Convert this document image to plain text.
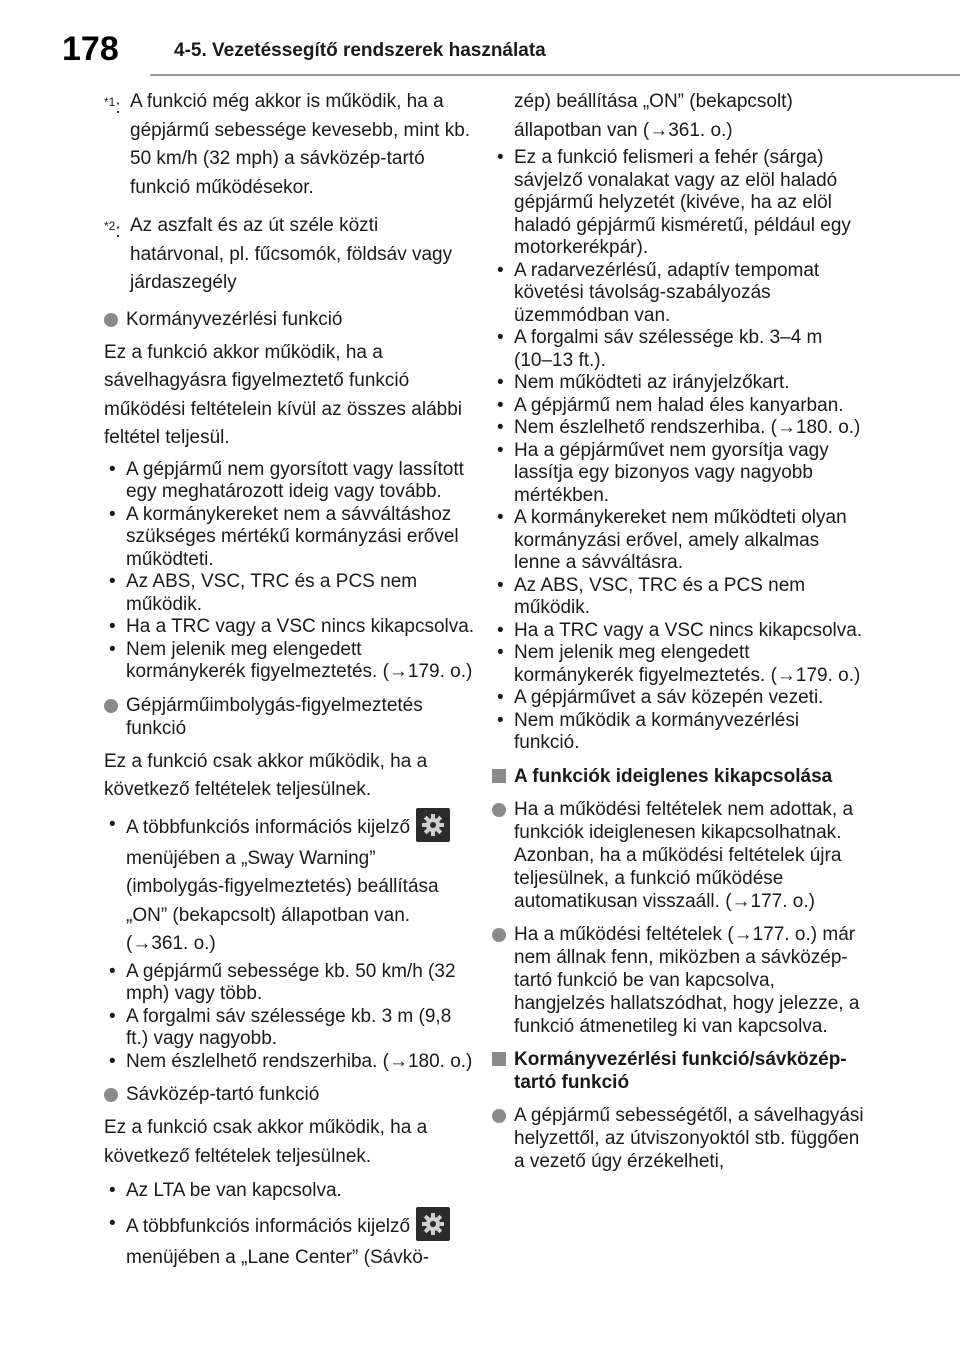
178	4-5. Vezetéssegítő rendszerek használata
$^{*1}$: A funkció még akkor is működik, ha a gépjármű sebessége kevesebb, mint kb. 50 km/h (32 mph) a sávközép-tartó funkció működésekor.
$^{*2}$: Az aszfalt és az út széle közti határvonal, pl. fűcsomók, földsáv vagy járdaszegély
Kormányvezérlési funkció

Ez a funkció akkor működik, ha a sávelhagyásra figyelmeztető funkció működési feltételein kívül az összes alábbi feltétel teljesül.

• A gépjármű nem gyorsított vagy lassított egy meghatározott ideig vagy tovább.
• A kormánykereket nem a sávváltáshoz szükséges mértékű kormányzási erővel működteti.
• Az ABS, VSC, TRC és a PCS nem működik.
• Ha a TRC vagy a VSC nincs kikapcsolva.
• Nem jelenik meg elengedett kormánykerék figyelmeztetés. (→179. o.)
Gépjárműimbolygás-figyelmeztetés funkció

Ez a funkció csak akkor működik, ha a következő feltételek teljesülnek.

• A többfunkciós információs kijelző

menüjében a „Sway Warning” (imbolygás-figyelmeztetés) beállítása „ON” (bekapcsolt) állapotban van. (→361. o.)
• A gépjármű sebessége kb. 50 km/h (32 mph) vagy több.
• A forgalmi sáv szélessége kb. 3 m (9,8 ft.) vagy nagyobb.
• Nem észlelhető rendszerhiba. (→180. o.)
Sávközép-tartó funkció

Ez a funkció csak akkor működik, ha a következő feltételek teljesülnek.

• Az LTA be van kapcsolva.
• A többfunkciós információs kijelző

menüjében a „Lane Center” (Sávkö-

zép) beállítása „ON” (bekapcsolt) állapotban van (→361. o.)

• Ez a funkció felismeri a fehér (sárga) sávjelző vonalakat vagy az elöl haladó gépjármű helyzetét (kivéve, ha az elöl haladó gépjármű kisméretű, például egy motorkerékpár).
• A radarvezérlésű, adaptív tempomat követési távolság-szabályozás üzemmódban van.
• A forgalmi sáv szélessége kb. 3–4 m (10–13 ft.).
• Nem működteti az irányjelzőkart.
• A gépjármű nem halad éles kanyarban.
• Nem észlelhető rendszerhiba. (→180. o.)
• Ha a gépjárművet nem gyorsítja vagy lassítja egy bizonyos vagy nagyobb mértékben.
• A kormánykereket nem működteti olyan kormányzási erővel, amely alkalmas lenne a sávváltásra.
• Az ABS, VSC, TRC és a PCS nem működik.
• Ha a TRC vagy a VSC nincs kikapcsolva.
• Nem jelenik meg elengedett kormánykerék figyelmeztetés. (→179. o.)
• A gépjárművet a sáv közepén vezeti.
• Nem működik a kormányvezérlési funkció.
A funkciók ideiglenes kikapcsolása
Ha a működési feltételek nem adottak, a funkciók ideiglenesen kikapcsolhatnak. Azonban, ha a működési feltételek újra teljesülnek, a funkció működése automatikusan visszaáll. (→177. o.)
Ha a működési feltételek (→177. o.) már nem állnak fenn, miközben a sávközép-tartó funkció be van kapcsolva, hangjelzés hallatszódhat, hogy jelezze, a funkció átmenetileg ki van kapcsolva.
Kormányvezérlési funkció/sávközép-tartó funkció
A gépjármű sebességétől, a sávelhagyási helyzettől, az útviszonyoktól stb. függően a vezető úgy érzékelheti,
